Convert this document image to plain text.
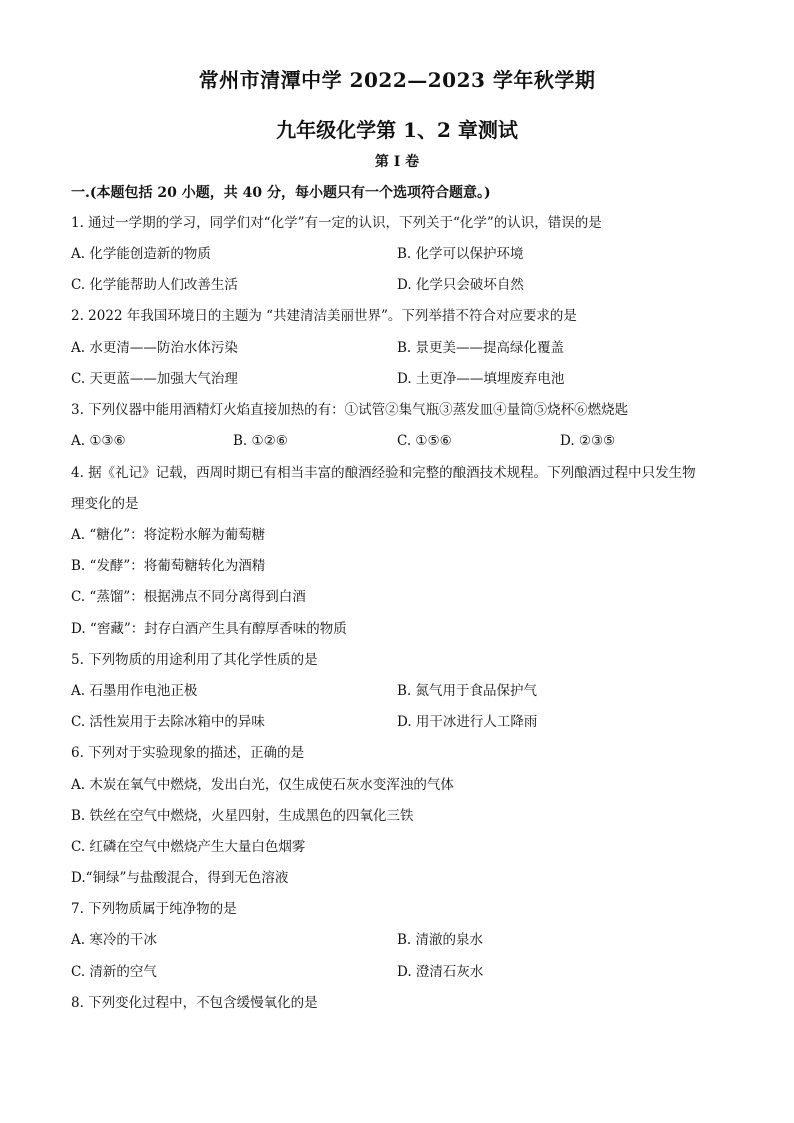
常州市清潭中学 2022—2023 学年秋学期
九年级化学第 1、2 章测试
第 I 卷
一.(本题包括 20 小题，共 40 分，每小题只有一个选项符合题意。)
1. 通过一学期的学习，同学们对“化学”有一定的认识，下列关于“化学”的认识，错误的是
A. 化学能创造新的物质	B. 化学可以保护环境
C. 化学能帮助人们改善生活	D. 化学只会破坏自然
2. 2022 年我国环境日的主题为 “共建清洁美丽世界”。下列举措不符合对应要求的是
A. 水更清——防治水体污染	B. 景更美——提高绿化覆盖
C. 天更蓝——加强大气治理	D. 土更净——填埋废弃电池
3. 下列仪器中能用酒精灯火焰直接加热的有：①试管②集气瓶③蒸发皿④量筒⑤烧杯⑥燃烧匙
A. ①③⑥	B. ①②⑥	C. ①⑤⑥	D. ②③⑤
4. 据《礼记》记载，西周时期已有相当丰富的酿酒经验和完整的酿酒技术规程。下列酿酒过程中只发生物
理变化的是
A. “糖化”：将淀粉水解为葡萄糖
B. “发酵”：将葡萄糖转化为酒精
C. “蒸馏”：根据沸点不同分离得到白酒
D. “窖藏”：封存白酒产生具有醇厚香味的物质
5. 下列物质的用途利用了其化学性质的是
A. 石墨用作电池正极	B. 氮气用于食品保护气
C. 活性炭用于去除冰箱中的异味	D. 用干冰进行人工降雨
6. 下列对于实验现象的描述，正确的是
A. 木炭在氧气中燃烧，发出白光，仅生成使石灰水变浑浊的气体
B. 铁丝在空气中燃烧，火星四射，生成黑色的四氧化三铁
C. 红磷在空气中燃烧产生大量白色烟雾
D.“铜绿”与盐酸混合，得到无色溶液
7. 下列物质属于纯净物的是
A. 寒冷的干冰	B. 清澈的泉水
C. 清新的空气	D. 澄清石灰水
8. 下列变化过程中，不包含缓慢氧化的是
